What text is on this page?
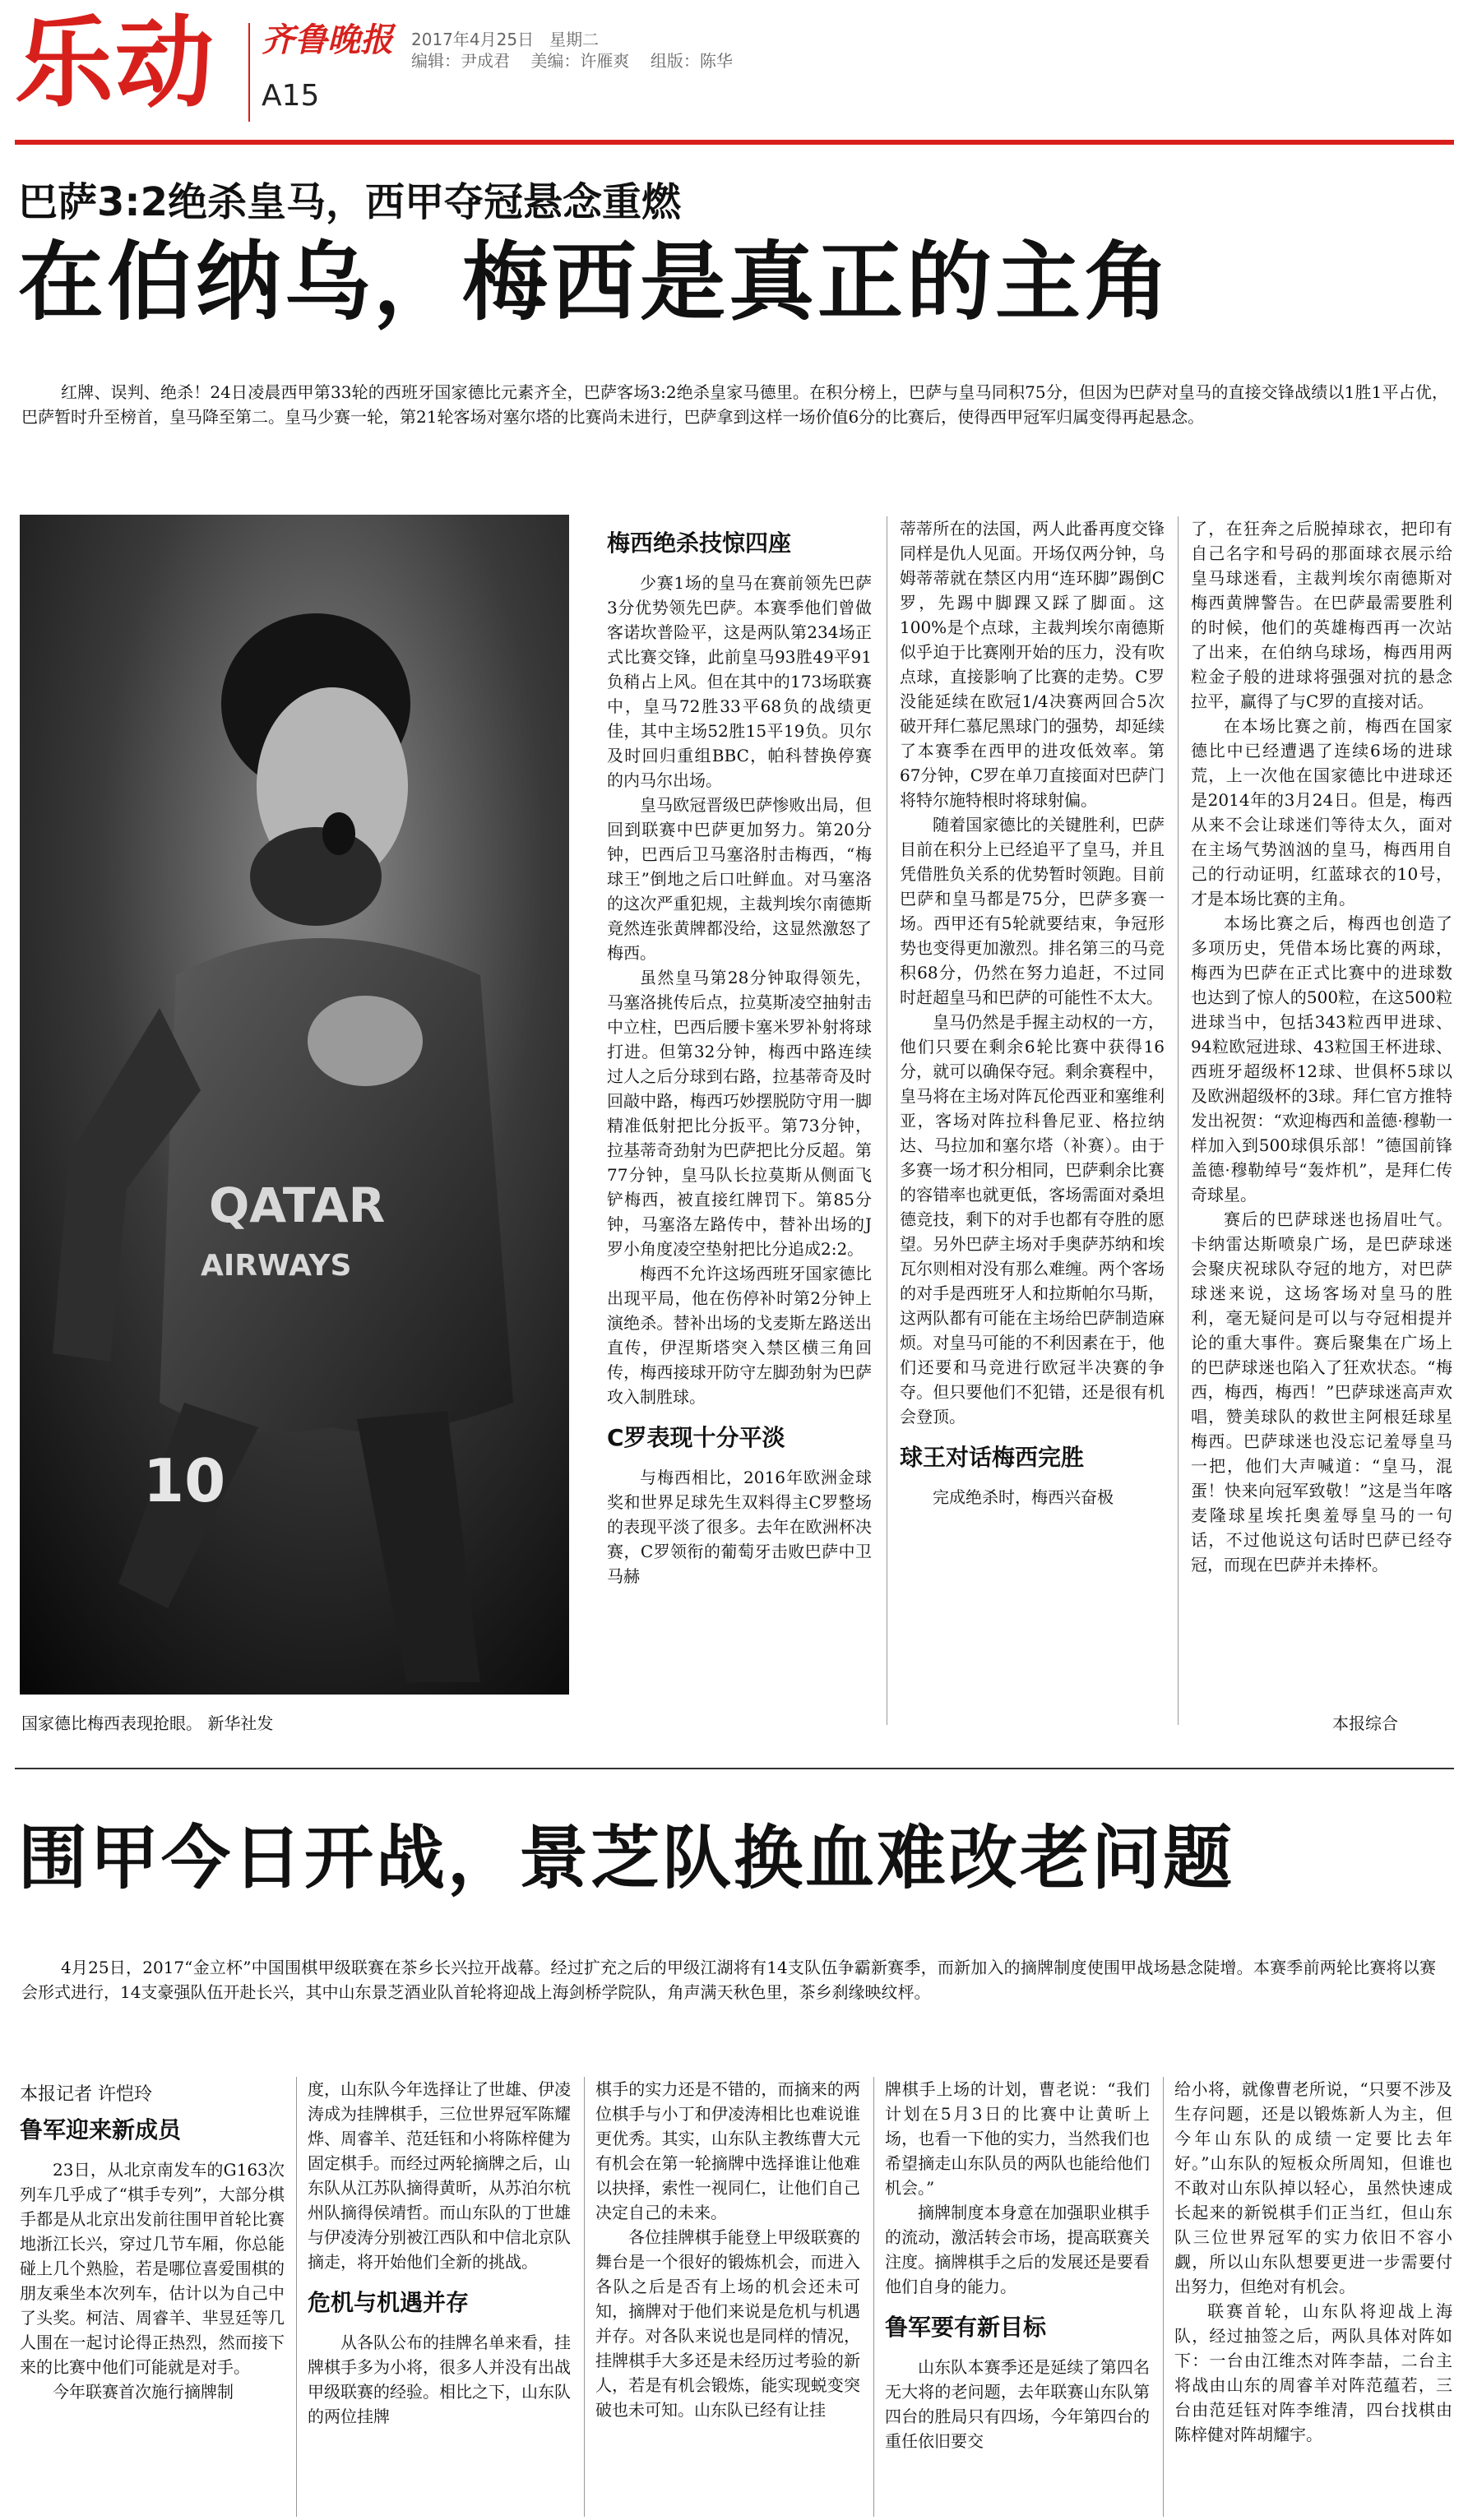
乐动 齐鲁晚报
A15
2017年4月25日 星期二
编辑：尹成君 美编：许雁爽 组版：陈华
巴萨3:2绝杀皇马，西甲夺冠悬念重燃
在伯纳乌，梅西是真正的主角
红牌、误判、绝杀！24日凌晨西甲第33轮的西班牙国家德比元素齐全，巴萨客场3:2绝杀皇家马德里。在积分榜上，巴萨与皇马同积75分，但因为巴萨对皇马的直接交锋战绩以1胜1平占优，巴萨暂时升至榜首，皇马降至第二。皇马少赛一轮，第21轮客场对塞尔塔的比赛尚未进行，巴萨拿到这样一场价值6分的比赛后，使得西甲冠军归属变得再起悬念。
QATAR
AIRWAYS
10
国家德比梅西表现抢眼。 新华社发
梅西绝杀技惊四座

少赛1场的皇马在赛前领先巴萨3分优势领先巴萨。本赛季他们曾做客诺坎普险平，这是两队第234场正式比赛交锋，此前皇马93胜49平91负稍占上风。但在其中的173场联赛中，皇马72胜33平68负的战绩更佳，其中主场52胜15平19负。贝尔及时回归重组BBC，帕科替换停赛的内马尔出场。

皇马欧冠晋级巴萨惨败出局，但回到联赛中巴萨更加努力。第20分钟，巴西后卫马塞洛肘击梅西，“梅球王”倒地之后口吐鲜血。对马塞洛的这次严重犯规，主裁判埃尔南德斯竟然连张黄牌都没给，这显然激怒了梅西。

虽然皇马第28分钟取得领先，马塞洛挑传后点，拉莫斯凌空抽射击中立柱，巴西后腰卡塞米罗补射将球打进。但第32分钟，梅西中路连续过人之后分球到右路，拉基蒂奇及时回敲中路，梅西巧妙摆脱防守用一脚精准低射把比分扳平。第73分钟，拉基蒂奇劲射为巴萨把比分反超。第77分钟，皇马队长拉莫斯从侧面飞铲梅西，被直接红牌罚下。第85分钟，马塞洛左路传中，替补出场的J罗小角度凌空垫射把比分追成2:2。

梅西不允许这场西班牙国家德比出现平局，他在伤停补时第2分钟上演绝杀。替补出场的戈麦斯左路送出直传，伊涅斯塔突入禁区横三角回传，梅西接球开防守左脚劲射为巴萨攻入制胜球。

C罗表现十分平淡

与梅西相比，2016年欧洲金球奖和世界足球先生双料得主C罗整场的表现平淡了很多。去年在欧洲杯决赛，C罗领衔的葡萄牙击败巴萨中卫马赫

蒂蒂所在的法国，两人此番再度交锋同样是仇人见面。开场仅两分钟，乌姆蒂蒂就在禁区内用“连环脚”踢倒C罗，先踢中脚踝又踩了脚面。这100%是个点球，主裁判埃尔南德斯似乎迫于比赛刚开始的压力，没有吹点球，直接影响了比赛的走势。C罗没能延续在欧冠1/4决赛两回合5次破开拜仁慕尼黑球门的强势，却延续了本赛季在西甲的进攻低效率。第67分钟，C罗在单刀直接面对巴萨门将特尔施特根时将球射偏。

随着国家德比的关键胜利，巴萨目前在积分上已经追平了皇马，并且凭借胜负关系的优势暂时领跑。目前巴萨和皇马都是75分，巴萨多赛一场。西甲还有5轮就要结束，争冠形势也变得更加激烈。排名第三的马竞积68分，仍然在努力追赶，不过同时赶超皇马和巴萨的可能性不太大。

皇马仍然是手握主动权的一方，他们只要在剩余6轮比赛中获得16分，就可以确保夺冠。剩余赛程中，皇马将在主场对阵瓦伦西亚和塞维利亚，客场对阵拉科鲁尼亚、格拉纳达、马拉加和塞尔塔（补赛）。由于多赛一场才积分相同，巴萨剩余比赛的容错率也就更低，客场需面对桑坦德竞技，剩下的对手也都有夺胜的愿望。另外巴萨主场对手奥萨苏纳和埃瓦尔则相对没有那么难缠。两个客场的对手是西班牙人和拉斯帕尔马斯，这两队都有可能在主场给巴萨制造麻烦。对皇马可能的不利因素在于，他们还要和马竞进行欧冠半决赛的争夺。但只要他们不犯错，还是很有机会登顶。

球王对话梅西完胜

完成绝杀时，梅西兴奋极

了，在狂奔之后脱掉球衣，把印有自己名字和号码的那面球衣展示给皇马球迷看，主裁判埃尔南德斯对梅西黄牌警告。在巴萨最需要胜利的时候，他们的英雄梅西再一次站了出来，在伯纳乌球场，梅西用两粒金子般的进球将强强对抗的悬念拉平，赢得了与C罗的直接对话。

在本场比赛之前，梅西在国家德比中已经遭遇了连续6场的进球荒，上一次他在国家德比中进球还是2014年的3月24日。但是，梅西从来不会让球迷们等待太久，面对在主场气势汹汹的皇马，梅西用自己的行动证明，红蓝球衣的10号，才是本场比赛的主角。

本场比赛之后，梅西也创造了多项历史，凭借本场比赛的两球，梅西为巴萨在正式比赛中的进球数也达到了惊人的500粒，在这500粒进球当中，包括343粒西甲进球、94粒欧冠进球、43粒国王杯进球、西班牙超级杯12球、世俱杯5球以及欧洲超级杯的3球。拜仁官方推特发出祝贺：“欢迎梅西和盖德·穆勒一样加入到500球俱乐部！”德国前锋盖德·穆勒绰号“轰炸机”，是拜仁传奇球星。

赛后的巴萨球迷也扬眉吐气。卡纳雷达斯喷泉广场，是巴萨球迷会聚庆祝球队夺冠的地方，对巴萨球迷来说，这场客场对皇马的胜利，毫无疑问是可以与夺冠相提并论的重大事件。赛后聚集在广场上的巴萨球迷也陷入了狂欢状态。“梅西，梅西，梅西！”巴萨球迷高声欢唱，赞美球队的救世主阿根廷球星梅西。巴萨球迷也没忘记羞辱皇马一把，他们大声喊道：“皇马，混蛋！快来向冠军致敬！”这是当年喀麦隆球星埃托奥羞辱皇马的一句话，不过他说这句话时巴萨已经夺冠，而现在巴萨并未捧杯。

本报综合
围甲今日开战，景芝队换血难改老问题
4月25日，2017“金立杯”中国围棋甲级联赛在茶乡长兴拉开战幕。经过扩充之后的甲级江湖将有14支队伍争霸新赛季，而新加入的摘牌制度使围甲战场悬念陡增。本赛季前两轮比赛将以赛会形式进行，14支豪强队伍开赴长兴，其中山东景芝酒业队首轮将迎战上海剑桥学院队，角声满天秋色里，茶乡刹缘映纹枰。
本报记者 许恺玲
鲁军迎来新成员

23日，从北京南发车的G163次列车几乎成了“棋手专列”，大部分棋手都是从北京出发前往围甲首轮比赛地浙江长兴，穿过几节车厢，你总能碰上几个熟脸，若是哪位喜爱围棋的朋友乘坐本次列车，估计以为自己中了头奖。柯洁、周睿羊、芈昱廷等几人围在一起讨论得正热烈，然而接下来的比赛中他们可能就是对手。

今年联赛首次施行摘牌制

度，山东队今年选择让了世雄、伊凌涛成为挂牌棋手，三位世界冠军陈耀烨、周睿羊、范廷钰和小将陈梓健为固定棋手。而经过两轮摘牌之后，山东队从江苏队摘得黄昕，从苏泊尔杭州队摘得侯靖哲。而山东队的丁世雄与伊凌涛分别被江西队和中信北京队摘走，将开始他们全新的挑战。

危机与机遇并存

从各队公布的挂牌名单来看，挂牌棋手多为小将，很多人并没有出战甲级联赛的经验。相比之下，山东队的两位挂牌

棋手的实力还是不错的，而摘来的两位棋手与小丁和伊凌涛相比也难说谁更优秀。其实，山东队主教练曹大元有机会在第一轮摘牌中选择谁让他难以抉择，索性一视同仁，让他们自己决定自己的未来。

各位挂牌棋手能登上甲级联赛的舞台是一个很好的锻炼机会，而进入各队之后是否有上场的机会还未可知，摘牌对于他们来说是危机与机遇并存。对各队来说也是同样的情况，挂牌棋手大多还是未经历过考验的新人，若是有机会锻炼，能实现蜕变突破也未可知。山东队已经有让挂

牌棋手上场的计划，曹老说：“我们计划在5月3日的比赛中让黄昕上场，也看一下他的实力，当然我们也希望摘走山东队员的两队也能给他们机会。”

摘牌制度本身意在加强职业棋手的流动，激活转会市场，提高联赛关注度。摘牌棋手之后的发展还是要看他们自身的能力。

鲁军要有新目标

山东队本赛季还是延续了第四名无大将的老问题，去年联赛山东队第四台的胜局只有四场，今年第四台的重任依旧要交

给小将，就像曹老所说，“只要不涉及生存问题，还是以锻炼新人为主，但今年山东队的成绩一定要比去年好。”山东队的短板众所周知，但谁也不敢对山东队掉以轻心，虽然快速成长起来的新锐棋手们正当红，但山东队三位世界冠军的实力依旧不容小觑，所以山东队想要更进一步需要付出努力，但绝对有机会。

联赛首轮，山东队将迎战上海队，经过抽签之后，两队具体对阵如下：一台由江维杰对阵李喆，二台主将战由山东的周睿羊对阵范蕴若，三台由范廷钰对阵李维清，四台找棋由陈梓健对阵胡耀宇。
